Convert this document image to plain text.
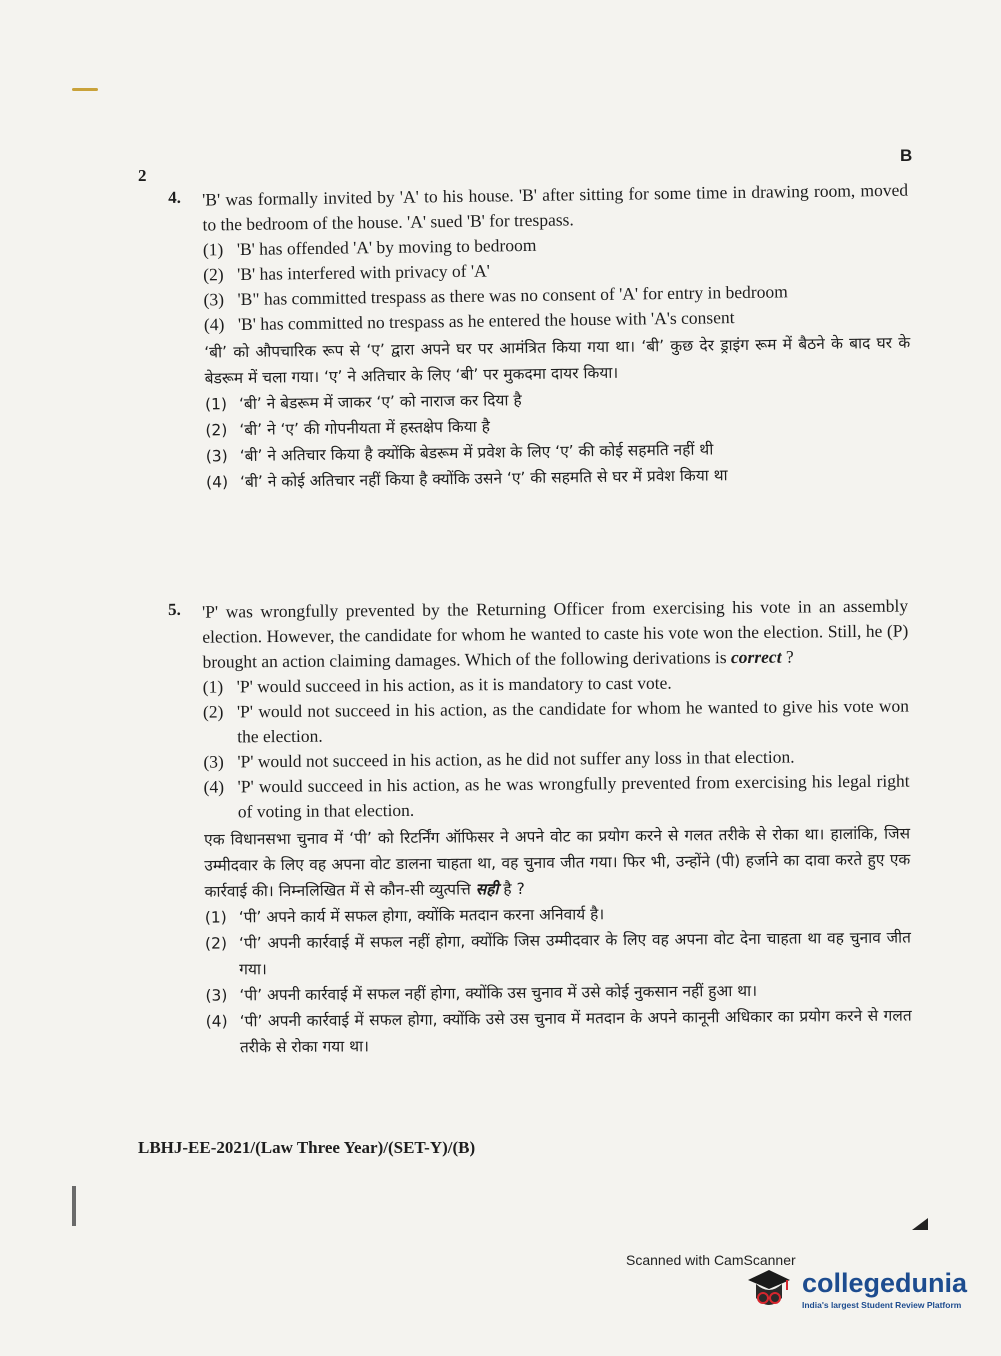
2
B
4. 'B' was formally invited by 'A' to his house. 'B' after sitting for some time in drawing room, moved to the bedroom of the house. 'A' sued 'B' for trespass.
(1) 'B' has offended 'A' by moving to bedroom
(2) 'B' has interfered with privacy of 'A'
(3) 'B" has committed trespass as there was no consent of 'A' for entry in bedroom
(4) 'B' has committed no trespass as he entered the house with 'A's consent
‘बी’ को औपचारिक रूप से ‘ए’ द्वारा अपने घर पर आमंत्रित किया गया था। ‘बी’ कुछ देर ड्राइंग रूम में बैठने के बाद घर के बेडरूम में चला गया। ‘ए’ ने अतिचार के लिए ‘बी’ पर मुकदमा दायर किया।
(1) ‘बी’ ने बेडरूम में जाकर ‘ए’ को नाराज कर दिया है
(2) ‘बी’ ने ‘ए’ की गोपनीयता में हस्तक्षेप किया है
(3) ‘बी’ ने अतिचार किया है क्योंकि बेडरूम में प्रवेश के लिए ‘ए’ की कोई सहमति नहीं थी
(4) ‘बी’ ने कोई अतिचार नहीं किया है क्योंकि उसने ‘ए’ की सहमति से घर में प्रवेश किया था
5. 'P' was wrongfully prevented by the Returning Officer from exercising his vote in an assembly election. However, the candidate for whom he wanted to caste his vote won the election. Still, he (P) brought an action claiming damages. Which of the following derivations is correct ?
(1) 'P' would succeed in his action, as it is mandatory to cast vote.
(2) 'P' would not succeed in his action, as the candidate for whom he wanted to give his vote won the election.
(3) 'P' would not succeed in his action, as he did not suffer any loss in that election.
(4) 'P' would succeed in his action, as he was wrongfully prevented from exercising his legal right of voting in that election.
एक विधानसभा चुनाव में ‘पी’ को रिटर्निंग ऑफिसर ने अपने वोट का प्रयोग करने से गलत तरीके से रोका था। हालांकि, जिस उम्मीदवार के लिए वह अपना वोट डालना चाहता था, वह चुनाव जीत गया। फिर भी, उन्होंने (पी) हर्जाने का दावा करते हुए एक कार्रवाई की। निम्नलिखित में से कौन-सी व्युत्पत्ति सही है ?
(1) ‘पी’ अपने कार्य में सफल होगा, क्योंकि मतदान करना अनिवार्य है।
(2) ‘पी’ अपनी कार्रवाई में सफल नहीं होगा, क्योंकि जिस उम्मीदवार के लिए वह अपना वोट देना चाहता था वह चुनाव जीत गया।
(3) ‘पी’ अपनी कार्रवाई में सफल नहीं होगा, क्योंकि उस चुनाव में उसे कोई नुकसान नहीं हुआ था।
(4) ‘पी’ अपनी कार्रवाई में सफल होगा, क्योंकि उसे उस चुनाव में मतदान के अपने कानूनी अधिकार का प्रयोग करने से गलत तरीके से रोका गया था।
LBHJ-EE-2021/(Law Three Year)/(SET-Y)/(B)
Scanned with CamScanner
collegedunia
India's largest Student Review Platform
